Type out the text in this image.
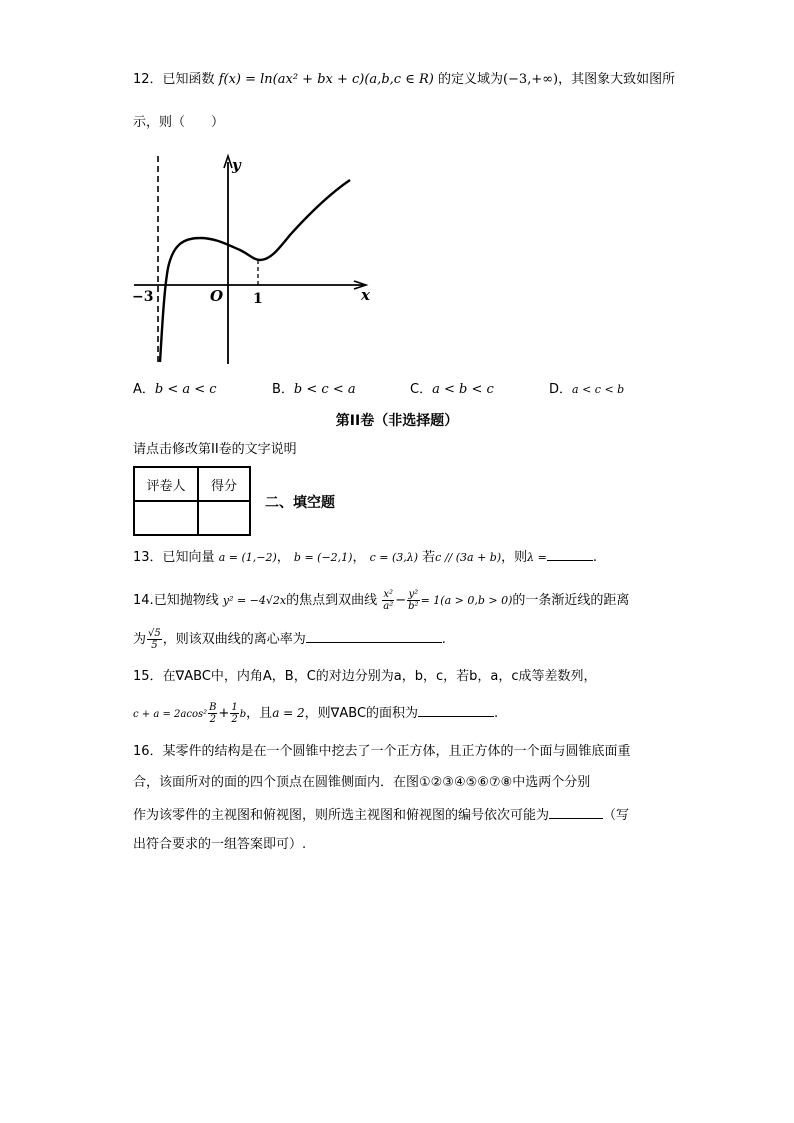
12．已知函数 f(x) = ln(ax² + bx + c)(a,b,c ∈ R) 的定义域为(−3,+∞)，其图象大致如图所
示，则（　　）
y
x
O
−3	1
A．b < a < c	B．b < c < a	C．a < b < c	D．a < c < b
第II卷（非选择题）
请点击修改第II卷的文字说明
评卷人	得分

二、填空题
13．已知向量 a = (1,−2)， b = (−2,1)， c = (3,λ) 若c // (3a + b)，则λ =	.
14.已知抛物线 y² = −4√2x的焦点到双曲线 $\frac{\text{x²}}{\text{a²}} - \frac{\text{y²}}{\text{b²}} = 1(a > 0,b > 0)$的一条渐近线的距离
为 $\frac{√5}{5}$ ，则该双曲线的离心率为	.
15．在∇ABC中，内角A，B，C的对边分别为a，b，c，若b，a，c成等差数列，
$c + a = 2acos^2 \frac{B}{2} + \frac{1}{2}$ b，且a = 2，则∇ABC的面积为	.
16．某零件的结构是在一个圆锥中挖去了一个正方体，且正方体的一个面与圆锥底面重
合，该面所对的面的四个顶点在圆锥侧面内．在图①②③④⑤⑥⑦⑧中选两个分别
作为该零件的主视图和俯视图，则所选主视图和俯视图的编号依次可能为	（写
出符合要求的一组答案即可）.
